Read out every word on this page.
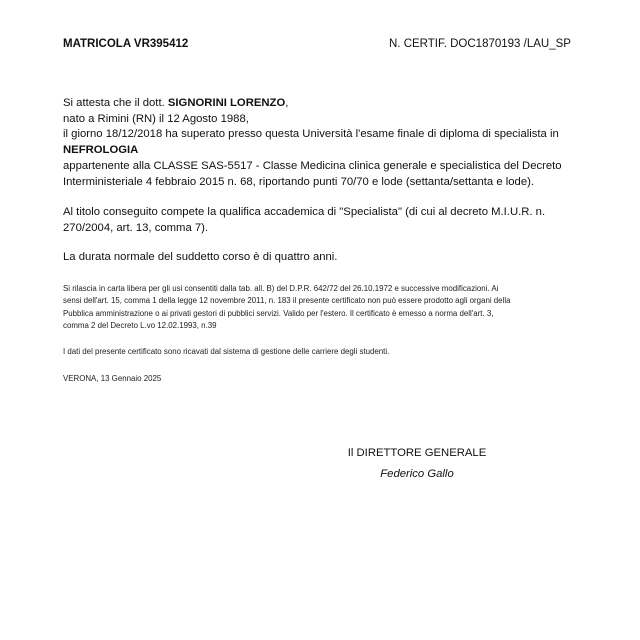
MATRICOLA VR395412	N. CERTIF. DOC1870193 /LAU_SP

Si attesta che il dott. SIGNORINI LORENZO,

nato a Rimini (RN) il 12 Agosto 1988,

il giorno 18/12/2018 ha superato presso questa Università l'esame finale di diploma di specialista in

NEFROLOGIA

appartenente alla CLASSE SAS-5517 - Classe Medicina clinica generale e specialistica del Decreto

Interministeriale 4 febbraio 2015 n. 68, riportando punti 70/70 e lode (settanta/settanta e lode).

Al titolo conseguito compete la qualifica accademica di "Specialista" (di cui al decreto M.I.U.R. n.

270/2004, art. 13, comma 7).

La durata normale del suddetto corso è di quattro anni.

Si rilascia in carta libera per gli usi consentiti dalla tab. all. B) del D.P.R. 642/72 del 26.10.1972 e successive modificazioni. Ai

sensi dell'art. 15, comma 1 della legge 12 novembre 2011, n. 183 il presente certificato non può essere prodotto agli organi della

Pubblica amministrazione o ai privati gestori di pubblici servizi. Valido per l'estero. Il certificato è emesso a norma dell'art. 3,

comma 2 del Decreto L.vo 12.02.1993, n.39

I dati del presente certificato sono ricavati dal sistema di gestione delle carriere degli studenti.

VERONA, 13 Gennaio 2025

Il DIRETTORE GENERALE
Federico Gallo
